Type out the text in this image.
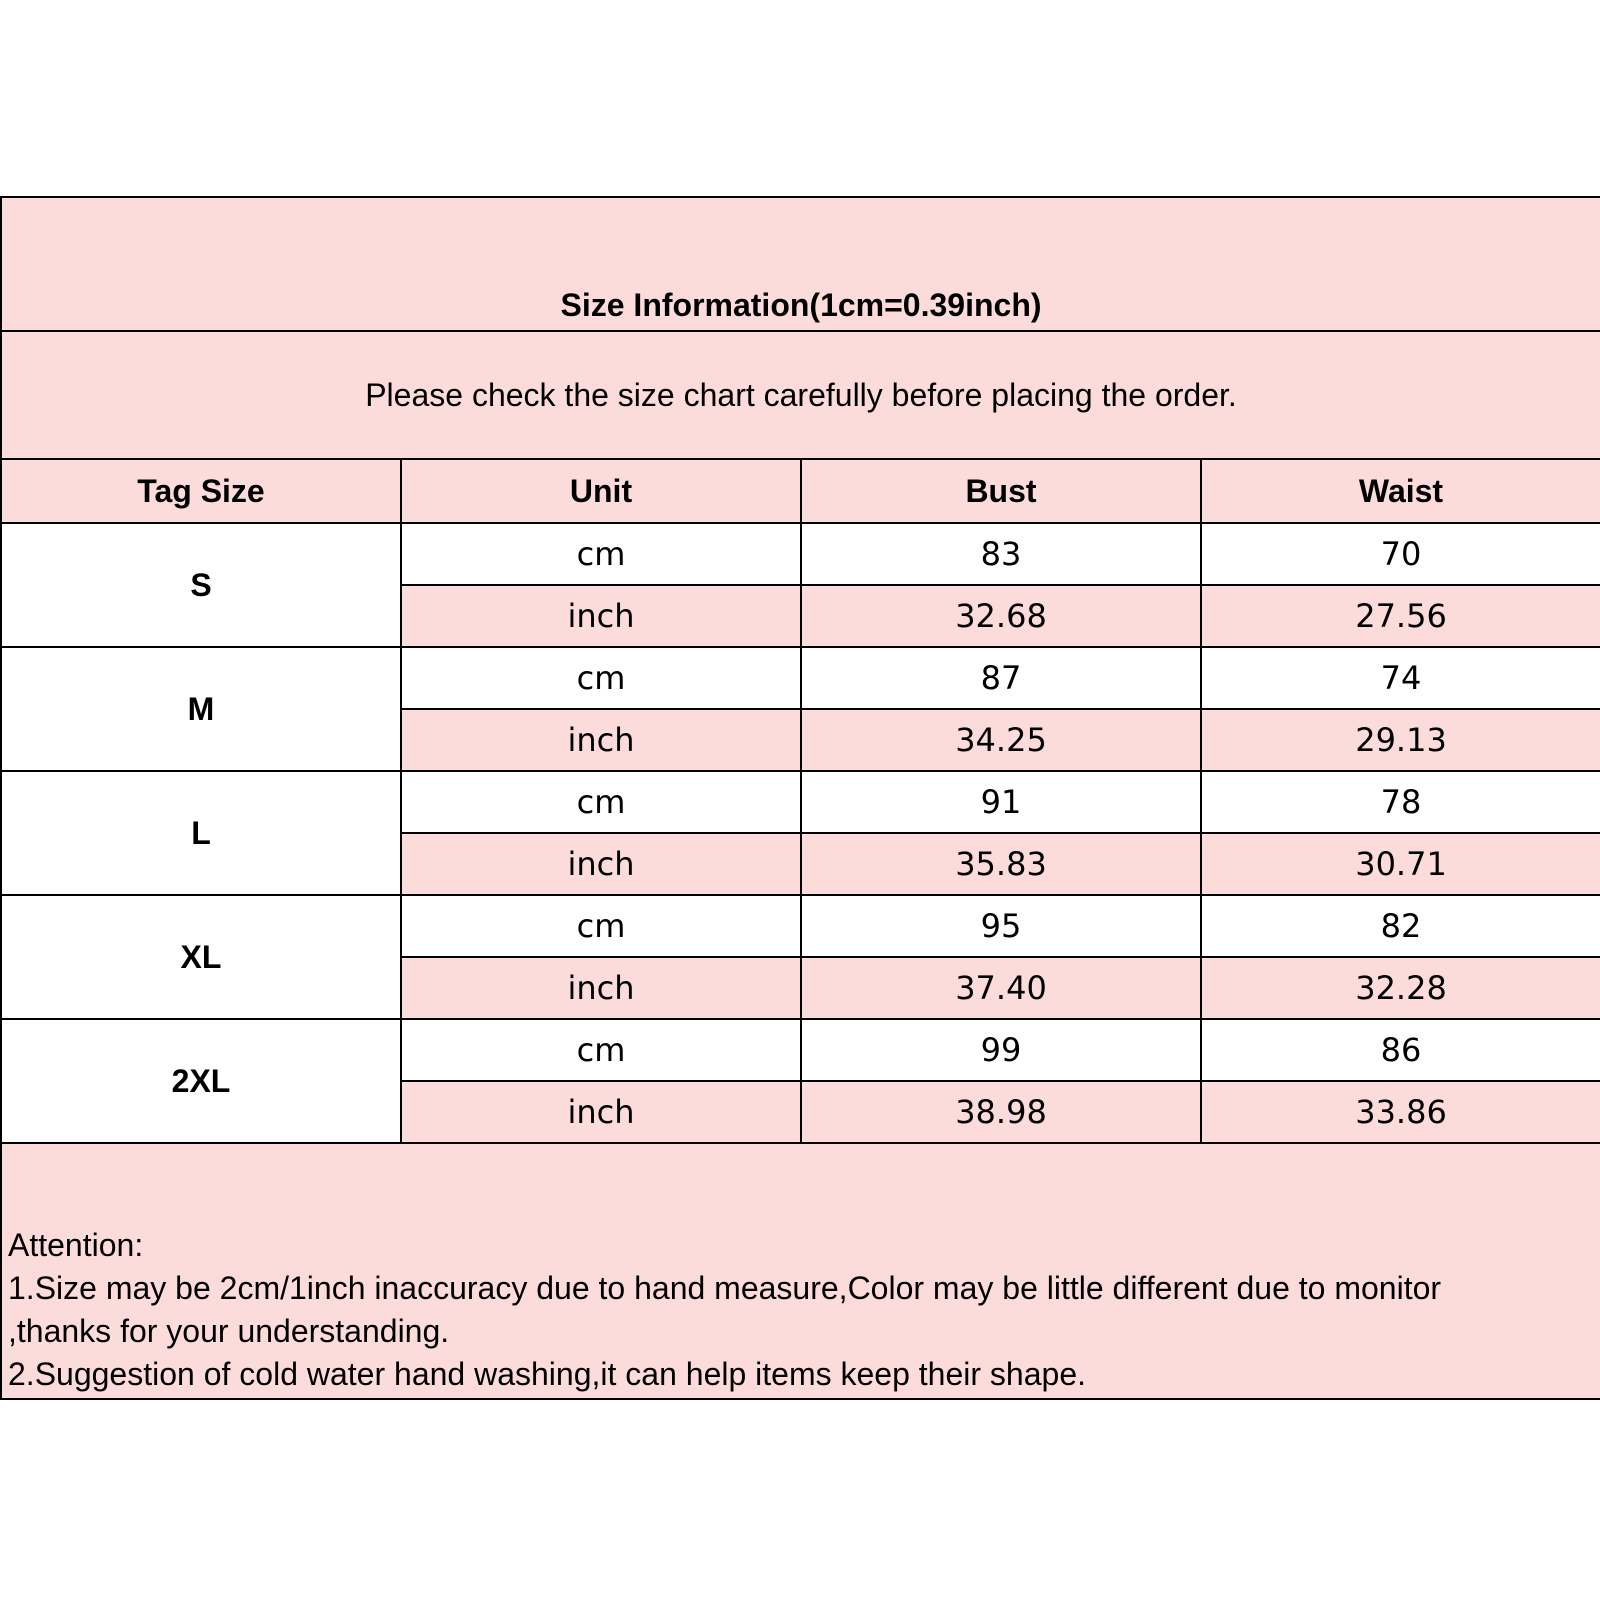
Size Information(1cm=0.39inch)			
Please check the size chart carefully before placing the order.			
Tag Size	Unit	Bust	Waist
S	cm	83	70
	inch	32.68	27.56
M	cm	87	74
	inch	34.25	29.13
L	cm	91	78
	inch	35.83	30.71
XL	cm	95	82
	inch	37.40	32.28
2XL	cm	99	86
	inch	38.98	33.86

Attention:
1.Size may be 2cm/1inch inaccuracy due to hand measure,Color may be little different due to monitor
,thanks for your understanding.
2.Suggestion of cold water hand washing,it can help items keep their shape.			
